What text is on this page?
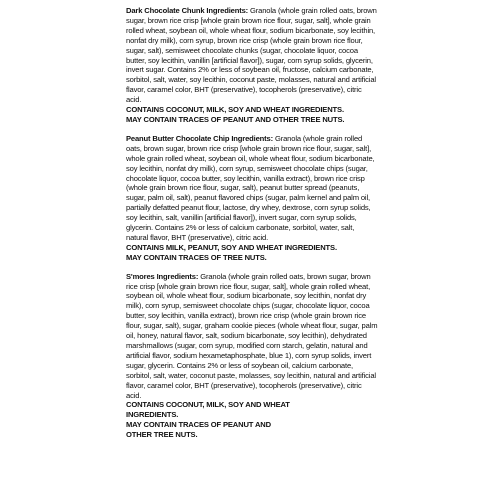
Dark Chocolate Chunk Ingredients: Granola (whole grain rolled oats, brown sugar, brown rice crisp [whole grain brown rice flour, sugar, salt], whole grain rolled wheat, soybean oil, whole wheat flour, sodium bicarbonate, soy lecithin, nonfat dry milk), corn syrup, brown rice crisp (whole grain brown rice flour, sugar, salt), semisweet chocolate chunks (sugar, chocolate liquor, cocoa butter, soy lecithin, vanillin [artificial flavor]), sugar, corn syrup solids, glycerin, invert sugar. Contains 2% or less of soybean oil, fructose, calcium carbonate, sorbitol, salt, water, soy lecithin, coconut paste, molasses, natural and artificial flavor, caramel color, BHT (preservative), tocopherols (preservative), citric acid.

CONTAINS COCONUT, MILK, SOY AND WHEAT INGREDIENTS.

MAY CONTAIN TRACES OF PEANUT AND OTHER TREE NUTS.

Peanut Butter Chocolate Chip Ingredients: Granola (whole grain rolled oats, brown sugar, brown rice crisp [whole grain brown rice flour, sugar, salt], whole grain rolled wheat, soybean oil, whole wheat flour, sodium bicarbonate, soy lecithin, nonfat dry milk), corn syrup, semisweet chocolate chips (sugar, chocolate liquor, cocoa butter, soy lecithin, vanilla extract), brown rice crisp (whole grain brown rice flour, sugar, salt), peanut butter spread (peanuts, sugar, palm oil, salt), peanut flavored chips (sugar, palm kernel and palm oil, partially defatted peanut flour, lactose, dry whey, dextrose, corn syrup solids, soy lecithin, salt, vanillin [artificial flavor]), invert sugar, corn syrup solids, glycerin. Contains 2% or less of calcium carbonate, sorbitol, water, salt, natural flavor, BHT (preservative), citric acid.

CONTAINS MILK, PEANUT, SOY AND WHEAT INGREDIENTS.

MAY CONTAIN TRACES OF TREE NUTS.

S'mores Ingredients: Granola (whole grain rolled oats, brown sugar, brown rice crisp [whole grain brown rice flour, sugar, salt], whole grain rolled wheat, soybean oil, whole wheat flour, sodium bicarbonate, soy lecithin, nonfat dry milk), corn syrup, semisweet chocolate chips (sugar, chocolate liquor, cocoa butter, soy lecithin, vanilla extract), brown rice crisp (whole grain brown rice flour, sugar, salt), sugar, graham cookie pieces (whole wheat flour, sugar, palm oil, honey, natural flavor, salt, sodium bicarbonate, soy lecithin), dehydrated marshmallows (sugar, corn syrup, modified corn starch, gelatin, natural and artificial flavor, sodium hexametaphosphate, blue 1), corn syrup solids, invert sugar, glycerin. Contains 2% or less of soybean oil, calcium carbonate, sorbitol, salt, water, coconut paste, molasses, soy lecithin, natural and artificial flavor, caramel color, BHT (preservative), tocopherols (preservative), citric acid.

CONTAINS COCONUT, MILK, SOY AND WHEAT INGREDIENTS.

MAY CONTAIN TRACES OF PEANUT AND OTHER TREE NUTS.
